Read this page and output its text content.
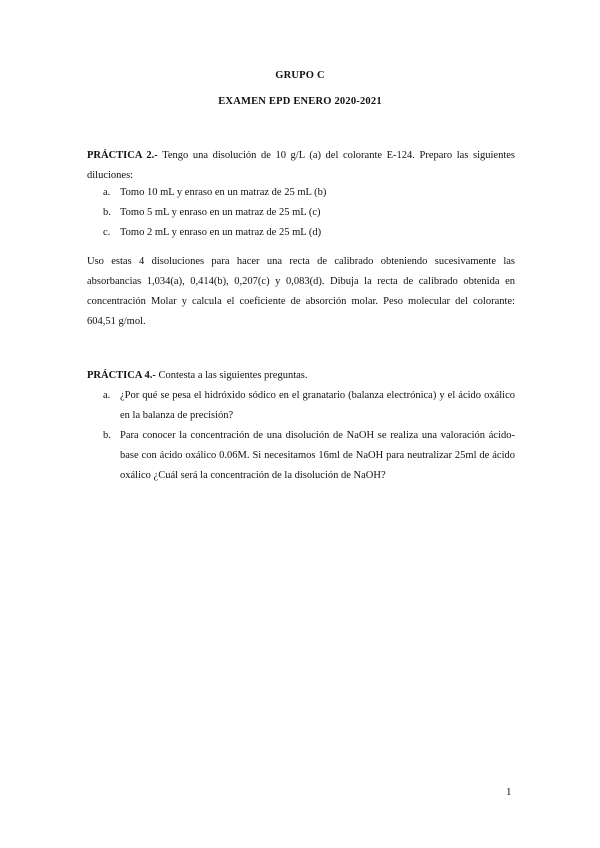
GRUPO C
EXAMEN EPD ENERO 2020-2021
PRÁCTICA 2.- Tengo una disolución de 10 g/L (a) del colorante E-124. Preparo las siguientes diluciones:
a. Tomo 10 mL y enraso en un matraz de 25 mL (b)
b. Tomo 5 mL y enraso en un matraz de 25 mL (c)
c. Tomo 2 mL y enraso en un matraz de 25 mL (d)
Uso estas 4 disoluciones para hacer una recta de calibrado obteniendo sucesivamente las absorbancias 1,034(a), 0,414(b), 0,207(c) y 0,083(d). Dibuja la recta de calibrado obtenida en concentración Molar y calcula el coeficiente de absorción molar. Peso molecular del colorante: 604,51 g/mol.
PRÁCTICA 4.- Contesta a las siguientes preguntas.
a. ¿Por qué se pesa el hidróxido sódico en el granatario (balanza electrónica) y el ácido oxálico en la balanza de precisión?
b. Para conocer la concentración de una disolución de NaOH se realiza una valoración ácido-base con ácido oxálico 0.06M. Si necesitamos 16ml de NaOH para neutralizar 25ml de ácido oxálico ¿Cuál será la concentración de la disolución de NaOH?
1
